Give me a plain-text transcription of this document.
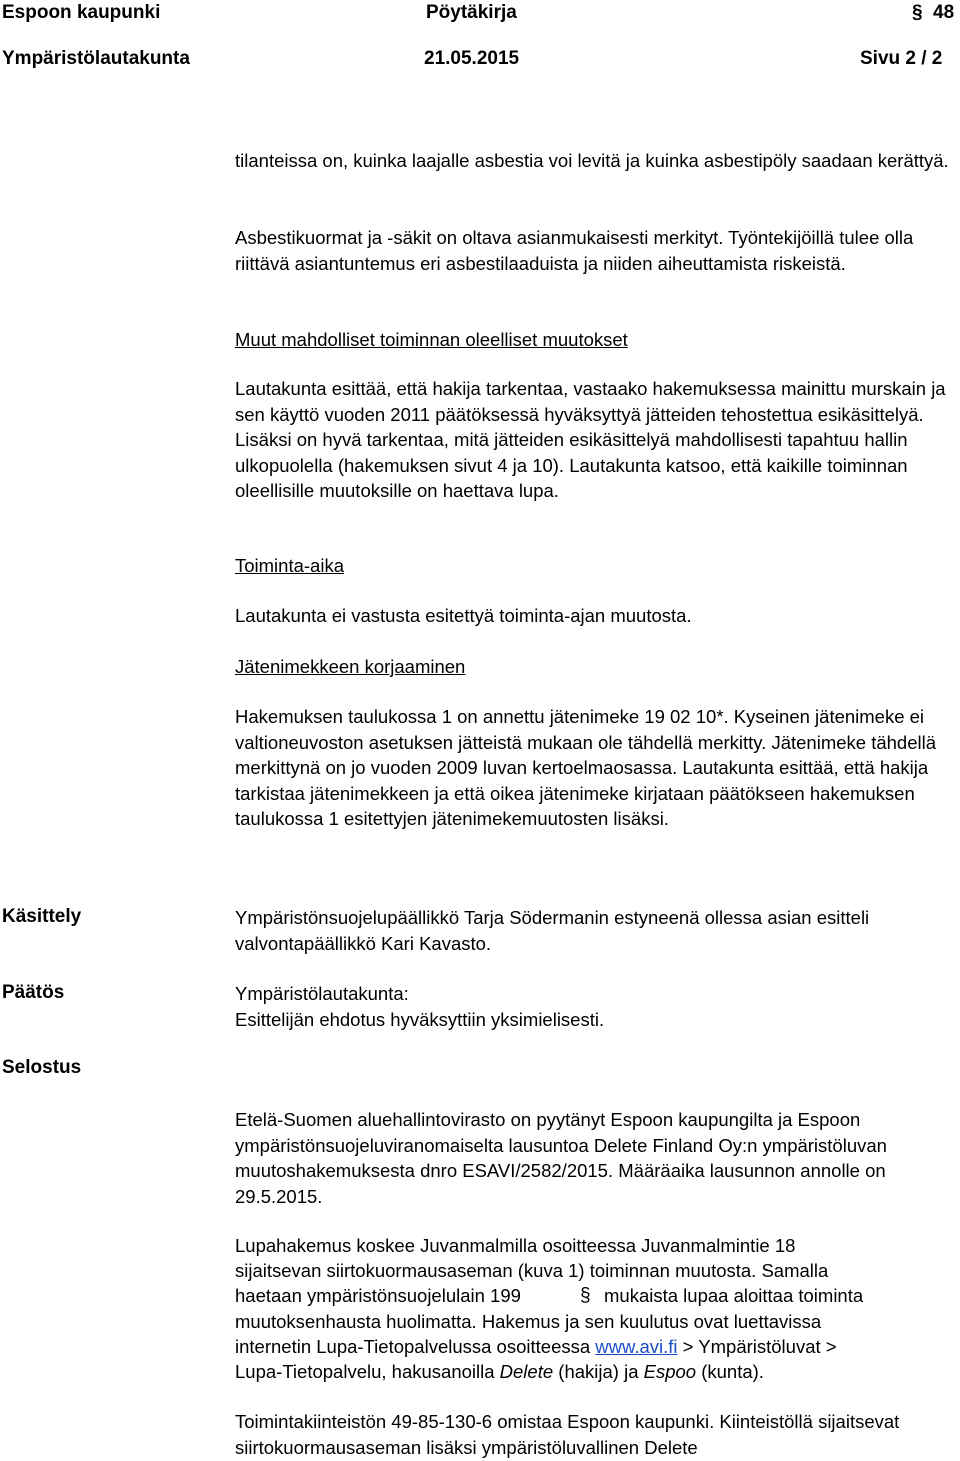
Espoon kaupunki	Pöytäkirja	§ 48
Ympäristölautakunta	21.05.2015	Sivu 2 / 2

tilanteissa on, kuinka laajalle asbestia voi levitä ja kuinka asbestipöly saadaan kerättyä.

Asbestikuormat ja -säkit on oltava asianmukaisesti merkityt. Työntekijöillä tulee olla riittävä asiantuntemus eri asbestilaaduista ja niiden aiheuttamista riskeistä.

Muut mahdolliset toiminnan oleelliset muutokset

Lautakunta esittää, että hakija tarkentaa, vastaako hakemuksessa mainittu murskain ja sen käyttö vuoden 2011 päätöksessä hyväksyttyä jätteiden tehostettua esikäsittelyä. Lisäksi on hyvä tarkentaa, mitä jätteiden esikäsittelyä mahdollisesti tapahtuu hallin ulkopuolella (hakemuksen sivut 4 ja 10). Lautakunta katsoo, että kaikille toiminnan oleellisille muutoksille on haettava lupa.

Toiminta-aika

Lautakunta ei vastusta esitettyä toiminta-ajan muutosta.

Jätenimekkeen korjaaminen

Hakemuksen taulukossa 1 on annettu jätenimeke 19 02 10*. Kyseinen jätenimeke ei valtioneuvoston asetuksen jätteistä mukaan ole tähdellä merkitty. Jätenimeke tähdellä merkittynä on jo vuoden 2009 luvan kertoelmaosassa. Lautakunta esittää, että hakija tarkistaa jätenimekkeen ja että oikea jätenimeke kirjataan päätökseen hakemuksen taulukossa 1 esitettyjen jätenimekemuutosten lisäksi.

Käsittely	Ympäristönsuojelupäällikkö Tarja Södermanin estyneenä ollessa asian esitteli valvontapäällikkö Kari Kavasto.

Päätös	Ympäristölautakunta:

Esittelijän ehdotus hyväksyttiin yksimielisesti.

Selostus

Etelä-Suomen aluehallintovirasto on pyytänyt Espoon kaupungilta ja Espoon ympäristönsuojeluviranomaiselta lausuntoa Delete Finland Oy:n ympäristöluvan muutoshakemuksesta dnro ESAVI/2582/2015. Määräaika lausunnon annolle on 29.5.2015.

Lupahakemus koskee Juvanmalmilla osoitteessa Juvanmalmintie 18

sijaitsevan siirtokuormausaseman (kuva 1) toiminnan muutosta. Samalla

haetaan ympäristönsuojelulain 199	§ mukaista lupaa aloittaa toiminta

muutoksenhausta huolimatta. Hakemus ja sen kuulutus ovat luettavissa

internetin Lupa-Tietopalvelussa osoitteessa www.avi.fi > Ympäristöluvat >

Lupa-Tietopalvelu, hakusanoilla Delete (hakija) ja Espoo (kunta).

Toimintakiinteistön 49-85-130-6 omistaa Espoon kaupunki. Kiinteistöllä sijaitsevat siirtokuormausaseman lisäksi ympäristöluvallinen Delete
